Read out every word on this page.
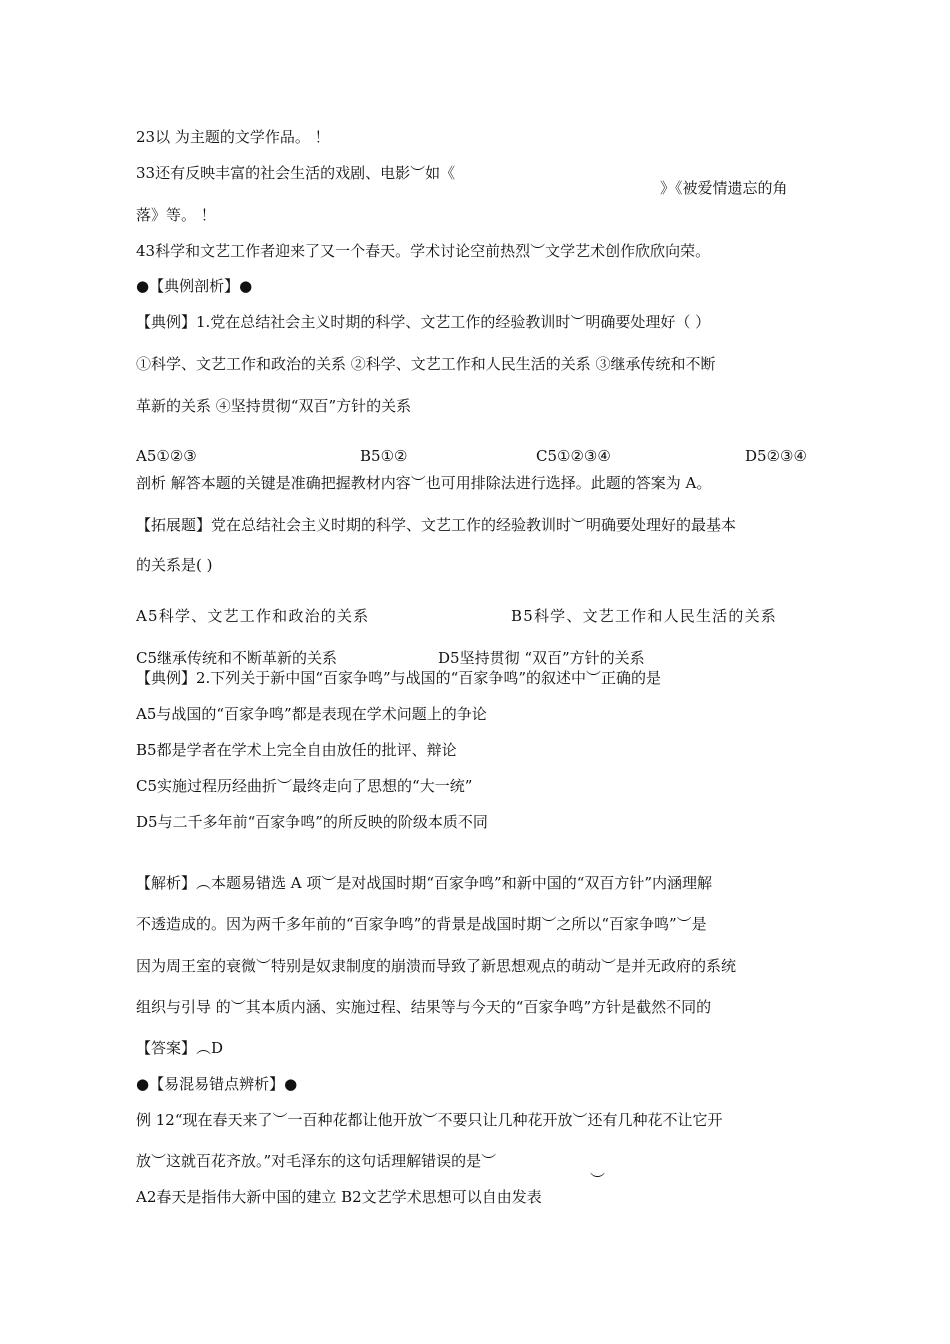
23以 为主题的文学作品。 ！

33还有反映丰富的社会生活的戏剧、电影︶如《

》《被爱情遗忘的角

落》等。 ！

43科学和文艺工作者迎来了又一个春天。学术讨论空前热烈︶文学艺术创作欣欣向荣。

●【典例剖析】●

【典例】1.党在总结社会主义时期的科学、文艺工作的经验教训时︶明确要处理好（ ）

①科学、文艺工作和政治的关系 ②科学、文艺工作和人民生活的关系 ③继承传统和不断

革新的关系 ④坚持贯彻“双百”方针的关系

A5①②③	B5①②	C5①②③④	D5②③④

剖析 解答本题的关键是准确把握教材内容︶也可用排除法进行选择。此题的答案为 A。

【拓展题】党在总结社会主义时期的科学、文艺工作的经验教训时︶明确要处理好的最基本

的关系是( )

A5科学、文艺工作和政治的关系	B5科学、文艺工作和人民生活的关系

C5继承传统和不断革新的关系	D5坚持贯彻 “双百”方针的关系

【典例】2.下列关于新中国“百家争鸣”与战国的“百家争鸣”的叙述中︶正确的是

A5与战国的“百家争鸣”都是表现在学术问题上的争论

B5都是学者在学术上完全自由放任的批评、辩论

C5实施过程历经曲折︶最终走向了思想的“大一统”

D5与二千多年前“百家争鸣”的所反映的阶级本质不同

【解析】︵本题易错选 A 项︶是对战国时期“百家争鸣”和新中国的“双百方针”内涵理解

不透造成的。因为两千多年前的“百家争鸣”的背景是战国时期︶之所以“百家争鸣”︶是

因为周王室的衰微︶特别是奴隶制度的崩溃而导致了新思想观点的萌动︶是并无政府的系统

组织与引导 的︶其本质内涵、实施过程、结果等与今天的“百家争鸣”方针是截然不同的

【答案】︵D

●【易混易错点辨析】●

例 12“现在春天来了︶一百种花都让他开放︶不要只让几种花开放︶还有几种花不让它开

放︶这就百花齐放。”对毛泽东的这句话理解错误的是︶

︶

A2春天是指伟大新中国的建立 B2文艺学术思想可以自由发表
